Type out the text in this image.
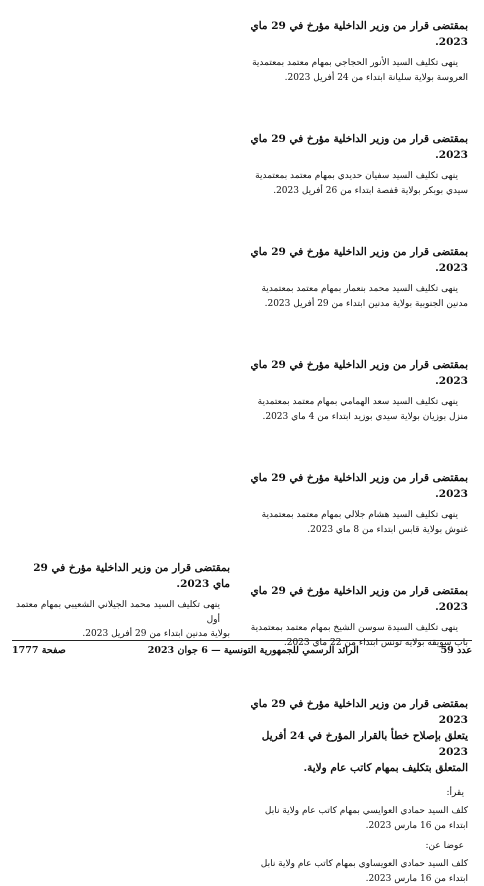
بمقتضى قرار من وزير الداخلية مؤرخ في 29 ماي 2023.

ينهى تكليف السيد الأنور الحجاجي بمهام معتمد بمعتمدية

العروسة بولاية سليانة ابتداء من 24 أفريل 2023.

بمقتضى قرار من وزير الداخلية مؤرخ في 29 ماي 2023.

ينهى تكليف السيد سفيان حديدي بمهام معتمد بمعتمدية

سيدي بوبكر بولاية قفصة ابتداء من 26 أفريل 2023.

بمقتضى قرار من وزير الداخلية مؤرخ في 29 ماي 2023.

ينهى تكليف السيد محمد بنعمار بمهام معتمد بمعتمدية

مدنين الجنوبية بولاية مدنين ابتداء من 29 أفريل 2023.

بمقتضى قرار من وزير الداخلية مؤرخ في 29 ماي 2023.

ينهى تكليف السيد سعد الهمامي بمهام معتمد بمعتمدية

منزل بوزيان بولاية سيدي بوزيد ابتداء من 4 ماي 2023.

بمقتضى قرار من وزير الداخلية مؤرخ في 29 ماي 2023.

ينهى تكليف السيد هشام جلالي بمهام معتمد بمعتمدية

غنوش بولاية قابس ابتداء من 8 ماي 2023.

بمقتضى قرار من وزير الداخلية مؤرخ في 29 ماي 2023.

ينهى تكليف السيدة سوسن الشيخ بمهام معتمد بمعتمدية

باب سويقة بولاية تونس ابتداء من 22 ماي 2023.

بمقتضى قرار من وزير الداخلية مؤرخ في 29 ماي 2023

يتعلق بإصلاح خطأ بالقرار المؤرخ في 24 أفريل 2023

المتعلق بتكليف بمهام كاتب عام ولاية.

يقرأ:

كلف السيد حمادي العوايسي بمهام كاتب عام ولاية نابل

ابتداء من 16 مارس 2023.

عوضا عن:

كلف السيد حمادي العويساوي بمهام كاتب عام ولاية نابل

ابتداء من 16 مارس 2023.

بمقتضى قرار من وزير الداخلية مؤرخ في 29 ماي 2023.

ينهى تكليف السيد محمد الجيلاني الشعيبي بمهام معتمد أول

بولاية مدنين ابتداء من 29 أفريل 2023.

عدد 59
الرائد الرسمي للجمهورية التونسية — 6 جوان 2023
صفحة 1777
